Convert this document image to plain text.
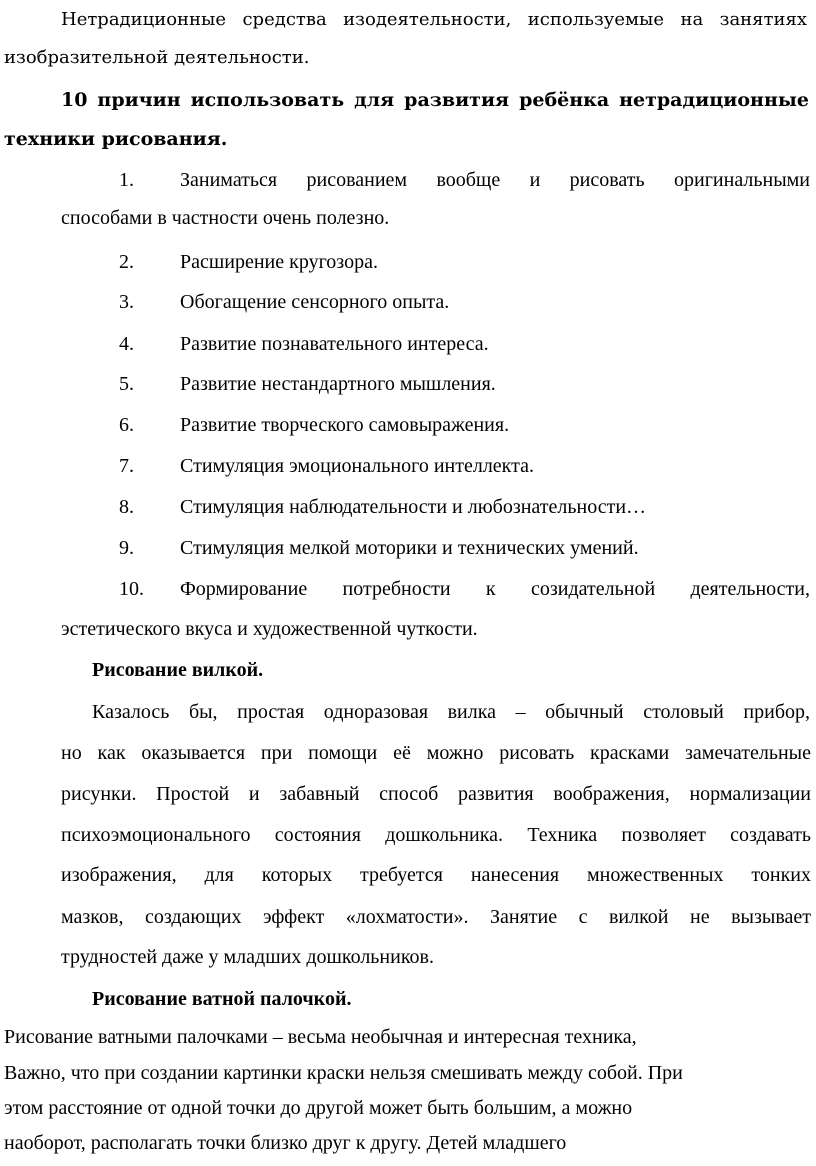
Нетрадиционные средства изодеятельности, используемые на занятиях
изобразительной деятельности.
10 причин использовать для развития ребёнка нетрадиционные
техники рисования.
1. Заниматься рисованием вообще и рисовать оригинальными
способами в частности очень полезно.
2. Расширение кругозора.
3. Обогащение сенсорного опыта.
4. Развитие познавательного интереса.
5. Развитие нестандартного мышления.
6. Развитие творческого самовыражения.
7. Стимуляция эмоционального интеллекта.
8. Стимуляция наблюдательности и любознательности…
9. Стимуляция мелкой моторики и технических умений.
10. Формирование потребности к созидательной деятельности,
эстетического вкуса и художественной чуткости.
Рисование вилкой.
Казалось бы, простая одноразовая вилка – обычный столовый прибор,
но как оказывается при помощи её можно рисовать красками замечательные
рисунки. Простой и забавный способ развития воображения, нормализации
психоэмоционального состояния дошкольника. Техника позволяет создавать
изображения, для которых требуется нанесения множественных тонких
мазков, создающих эффект «лохматости». Занятие с вилкой не вызывает
трудностей даже у младших дошкольников.
Рисование ватной палочкой.
Рисование ватными палочками – весьма необычная и интересная техника,
Важно, что при создании картинки краски нельзя смешивать между собой. При
этом расстояние от одной точки до другой может быть большим, а можно
наоборот, располагать точки близко друг к другу. Детей младшего
